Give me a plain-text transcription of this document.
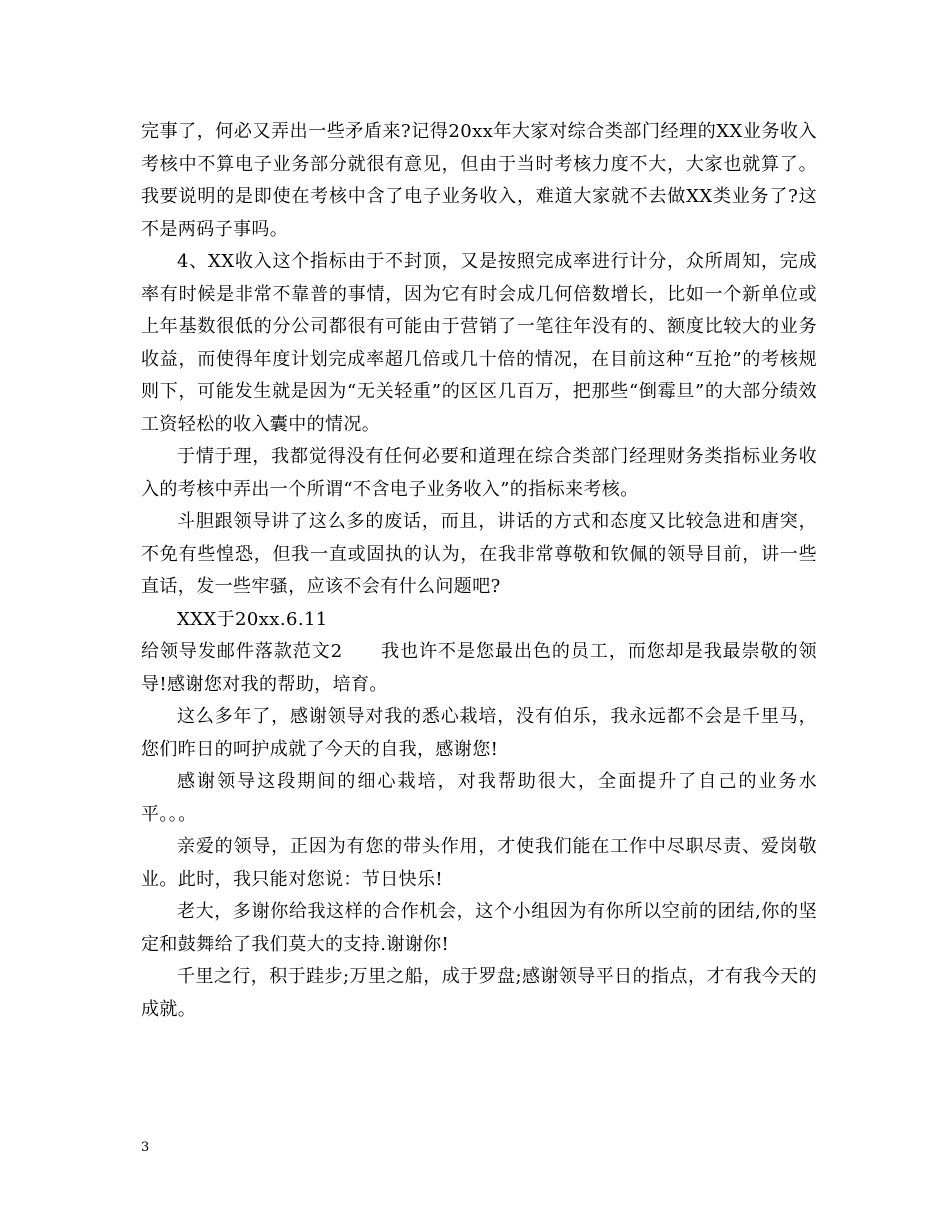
完事了，何必又弄出一些矛盾来?记得20xx年大家对综合类部门经理的XX业务收入考核中不算电子业务部分就很有意见，但由于当时考核力度不大，大家也就算了。我要说明的是即使在考核中含了电子业务收入，难道大家就不去做XX类业务了?这不是两码子事吗。

4、XX收入这个指标由于不封顶，又是按照完成率进行计分，众所周知，完成率有时候是非常不靠普的事情，因为它有时会成几何倍数增长，比如一个新单位或上年基数很低的分公司都很有可能由于营销了一笔往年没有的、额度比较大的业务收益，而使得年度计划完成率超几倍或几十倍的情况，在目前这种“互抢”的考核规则下，可能发生就是因为“无关轻重”的区区几百万，把那些“倒霉旦”的大部分绩效工资轻松的收入囊中的情况。

于情于理，我都觉得没有任何必要和道理在综合类部门经理财务类指标业务收入的考核中弄出一个所谓“不含电子业务收入”的指标来考核。

斗胆跟领导讲了这么多的废话，而且，讲话的方式和态度又比较急进和唐突，不免有些惶恐，但我一直或固执的认为，在我非常尊敬和钦佩的领导目前，讲一些直话，发一些牢骚，应该不会有什么问题吧?

XXX于20xx.6.11

给领导发邮件落款范文2　　我也许不是您最出色的员工，而您却是我最崇敬的领导!感谢您对我的帮助，培育。

这么多年了，感谢领导对我的悉心栽培，没有伯乐，我永远都不会是千里马，您们昨日的呵护成就了今天的自我，感谢您!

感谢领导这段期间的细心栽培，对我帮助很大，全面提升了自己的业务水平。。。

亲爱的领导，正因为有您的带头作用，才使我们能在工作中尽职尽责、爱岗敬业。此时，我只能对您说：节日快乐!

老大，多谢你给我这样的合作机会，这个小组因为有你所以空前的团结,你的坚定和鼓舞给了我们莫大的支持.谢谢你!

千里之行，积于跬步;万里之船，成于罗盘;感谢领导平日的指点，才有我今天的成就。

3
